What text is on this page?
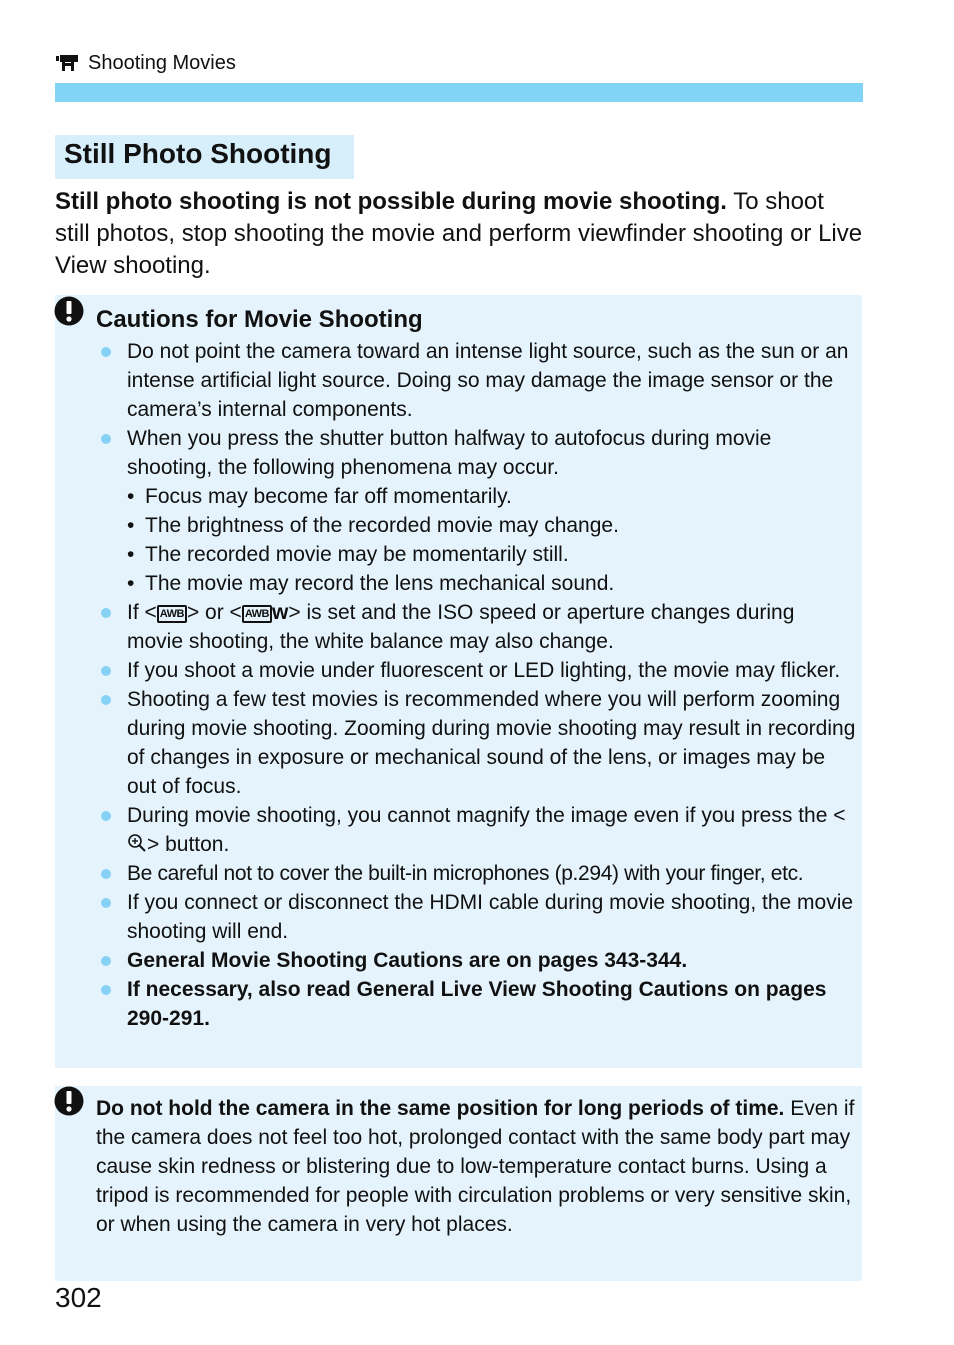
Shooting Movies
Still Photo Shooting
Still photo shooting is not possible during movie shooting. To shoot still photos, stop shooting the movie and perform viewfinder shooting or Live View shooting.
Cautions for Movie Shooting
Do not point the camera toward an intense light source, such as the sun or an intense artificial light source. Doing so may damage the image sensor or the camera’s internal components.
When you press the shutter button halfway to autofocus during movie shooting, the following phenomena may occur.
• Focus may become far off momentarily.
• The brightness of the recorded movie may change.
• The recorded movie may be momentarily still.
• The movie may record the lens mechanical sound.
If < AWB > or < AWB w> is set and the ISO speed or aperture changes during movie shooting, the white balance may also change.
If you shoot a movie under fluorescent or LED lighting, the movie may flicker.
Shooting a few test movies is recommended where you will perform zooming during movie shooting. Zooming during movie shooting may result in recording of changes in exposure or mechanical sound of the lens, or images may be out of focus.
During movie shooting, you cannot magnify the image even if you press the <> button.
Be careful not to cover the built-in microphones (p.294) with your finger, etc.
If you connect or disconnect the HDMI cable during movie shooting, the movie shooting will end.
General Movie Shooting Cautions are on pages 343-344.
If necessary, also read General Live View Shooting Cautions on pages 290-291.
Do not hold the camera in the same position for long periods of time. Even if the camera does not feel too hot, prolonged contact with the same body part may cause skin redness or blistering due to low-temperature contact burns. Using a tripod is recommended for people with circulation problems or very sensitive skin, or when using the camera in very hot places.
302
